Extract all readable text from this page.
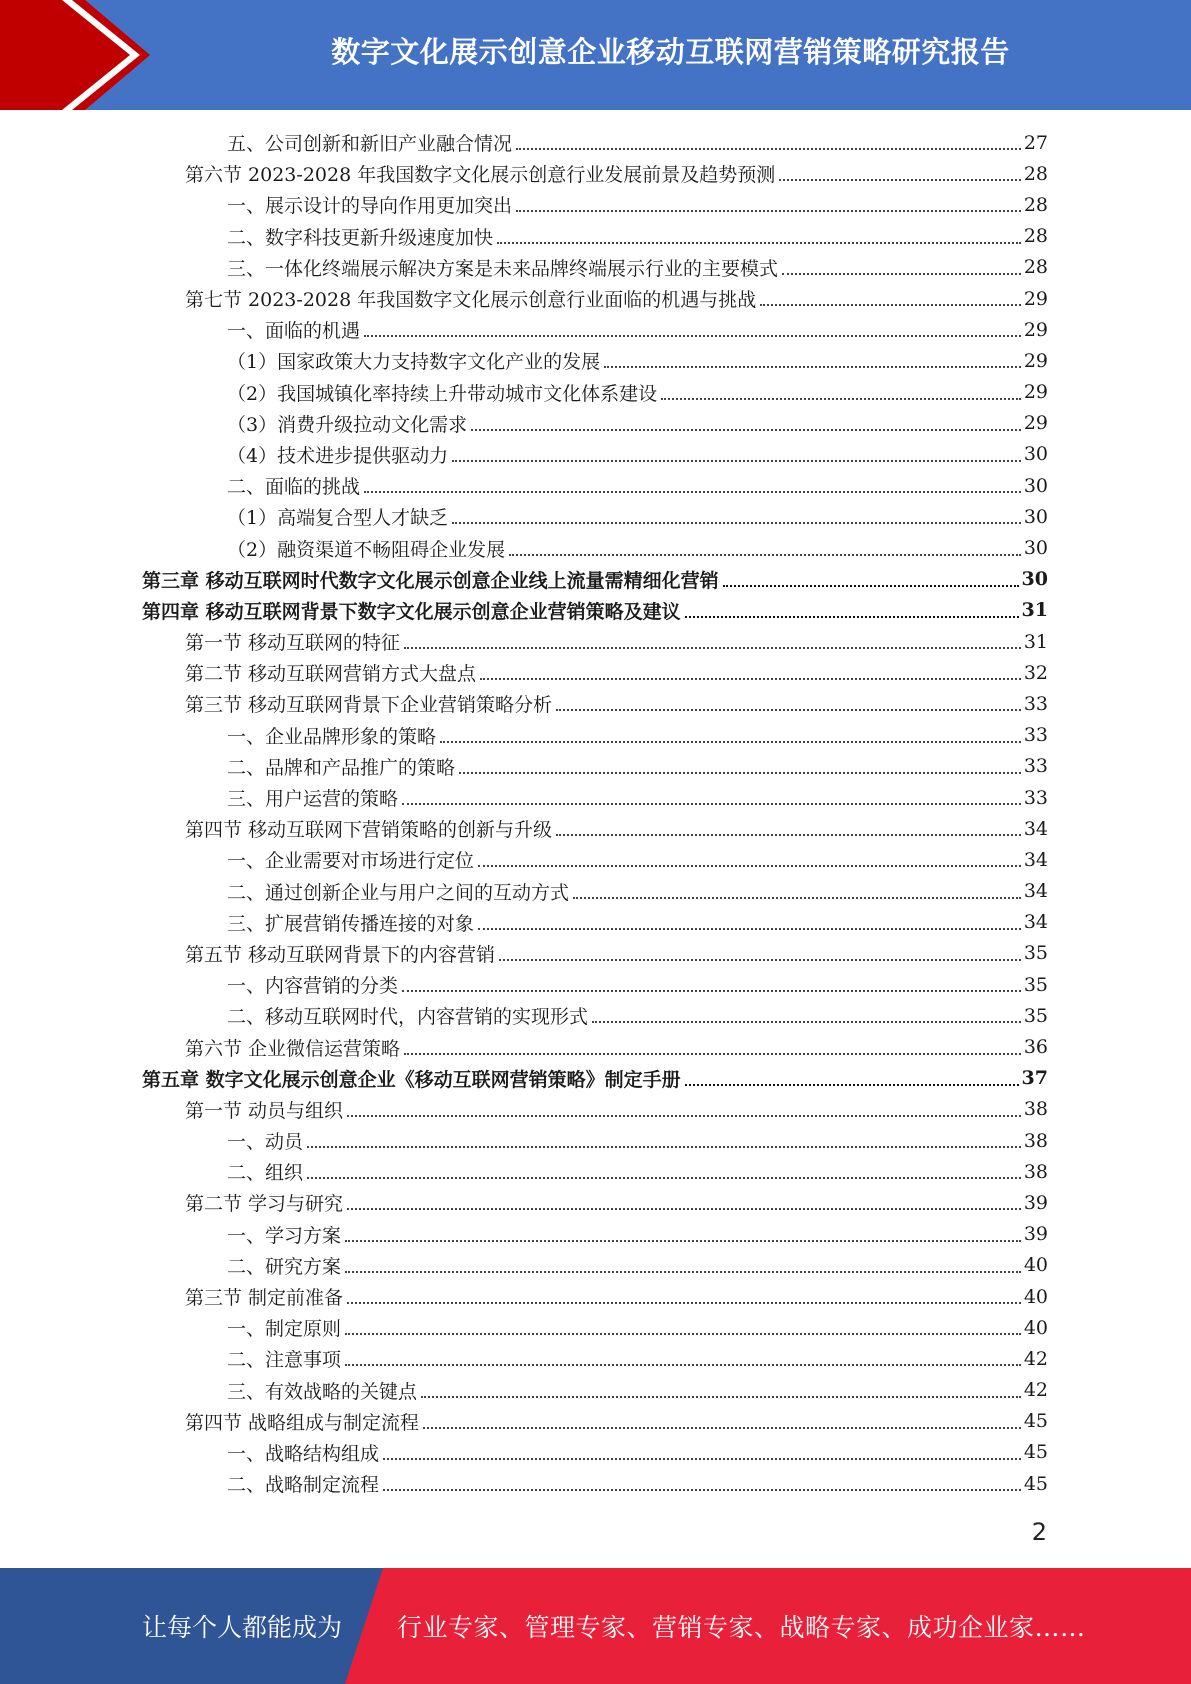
数字文化展示创意企业移动互联网营销策略研究报告
五、公司创新和新旧产业融合情况	27
第六节 2023-2028 年我国数字文化展示创意行业发展前景及趋势预测	28
一、展示设计的导向作用更加突出	28
二、数字科技更新升级速度加快	28
三、一体化终端展示解决方案是未来品牌终端展示行业的主要模式	28
第七节 2023-2028 年我国数字文化展示创意行业面临的机遇与挑战	29
一、面临的机遇	29
（1）国家政策大力支持数字文化产业的发展	29
（2）我国城镇化率持续上升带动城市文化体系建设	29
（3）消费升级拉动文化需求	29
（4）技术进步提供驱动力	30
二、面临的挑战	30
（1）高端复合型人才缺乏	30
（2）融资渠道不畅阻碍企业发展	30
第三章 移动互联网时代数字文化展示创意企业线上流量需精细化营销	30
第四章 移动互联网背景下数字文化展示创意企业营销策略及建议	31
第一节 移动互联网的特征	31
第二节 移动互联网营销方式大盘点	32
第三节 移动互联网背景下企业营销策略分析	33
一、企业品牌形象的策略	33
二、品牌和产品推广的策略	33
三、用户运营的策略	33
第四节 移动互联网下营销策略的创新与升级	34
一、企业需要对市场进行定位	34
二、通过创新企业与用户之间的互动方式	34
三、扩展营销传播连接的对象	34
第五节 移动互联网背景下的内容营销	35
一、内容营销的分类	35
二、移动互联网时代，内容营销的实现形式	35
第六节 企业微信运营策略	36
第五章 数字文化展示创意企业《移动互联网营销策略》制定手册	37
第一节 动员与组织	38
一、动员	38
二、组织	38
第二节 学习与研究	39
一、学习方案	39
二、研究方案	40
第三节 制定前准备	40
一、制定原则	40
二、注意事项	42
三、有效战略的关键点	42
第四节 战略组成与制定流程	45
一、战略结构组成	45
二、战略制定流程	45
2
让每个人都能成为 行业专家、管理专家、营销专家、战略专家、成功企业家……
